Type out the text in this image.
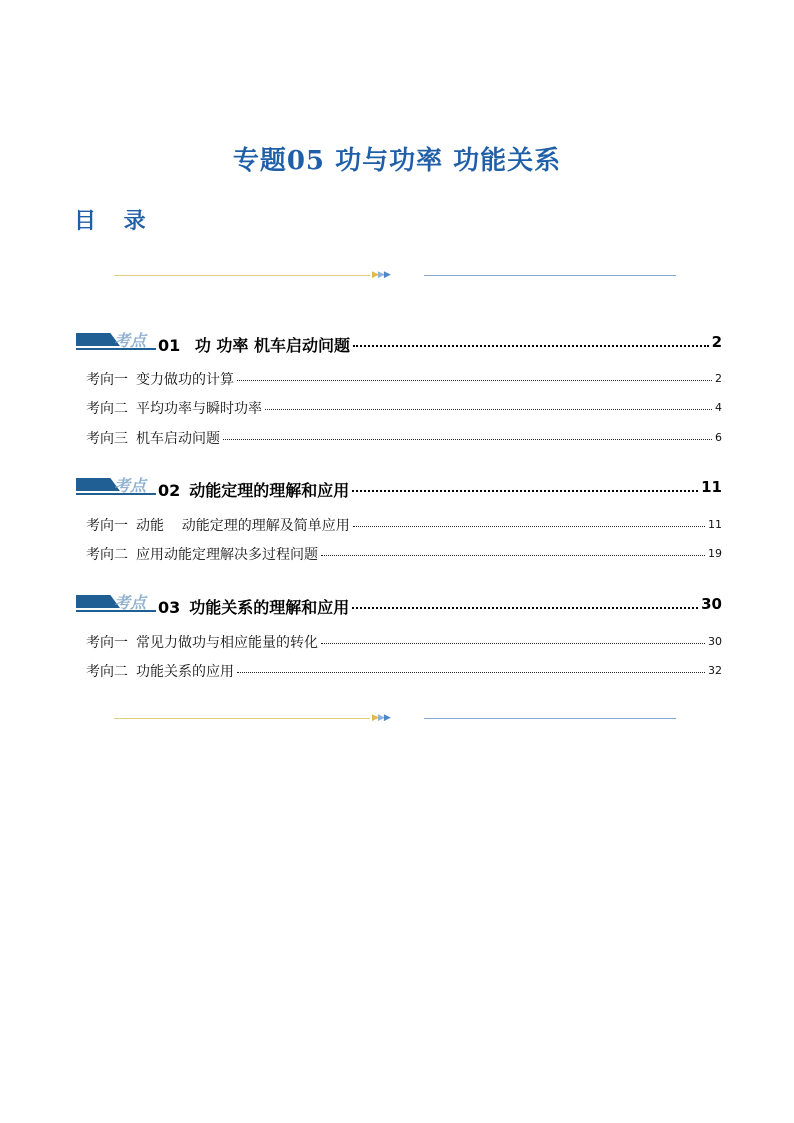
专题05 功与功率 功能关系
目 录
▶▶▶
考点 01 功 功率 机车启动问题	2
考向一 变力做功的计算	2
考向二 平均功率与瞬时功率	4
考向三 机车启动问题	6
考点 02 动能定理的理解和应用	11
考向一 动能    动能定理的理解及简单应用	11
考向二 应用动能定理解决多过程问题	19
考点 03 功能关系的理解和应用	30
考向一 常见力做功与相应能量的转化	30
考向二 功能关系的应用	32
▶▶▶
